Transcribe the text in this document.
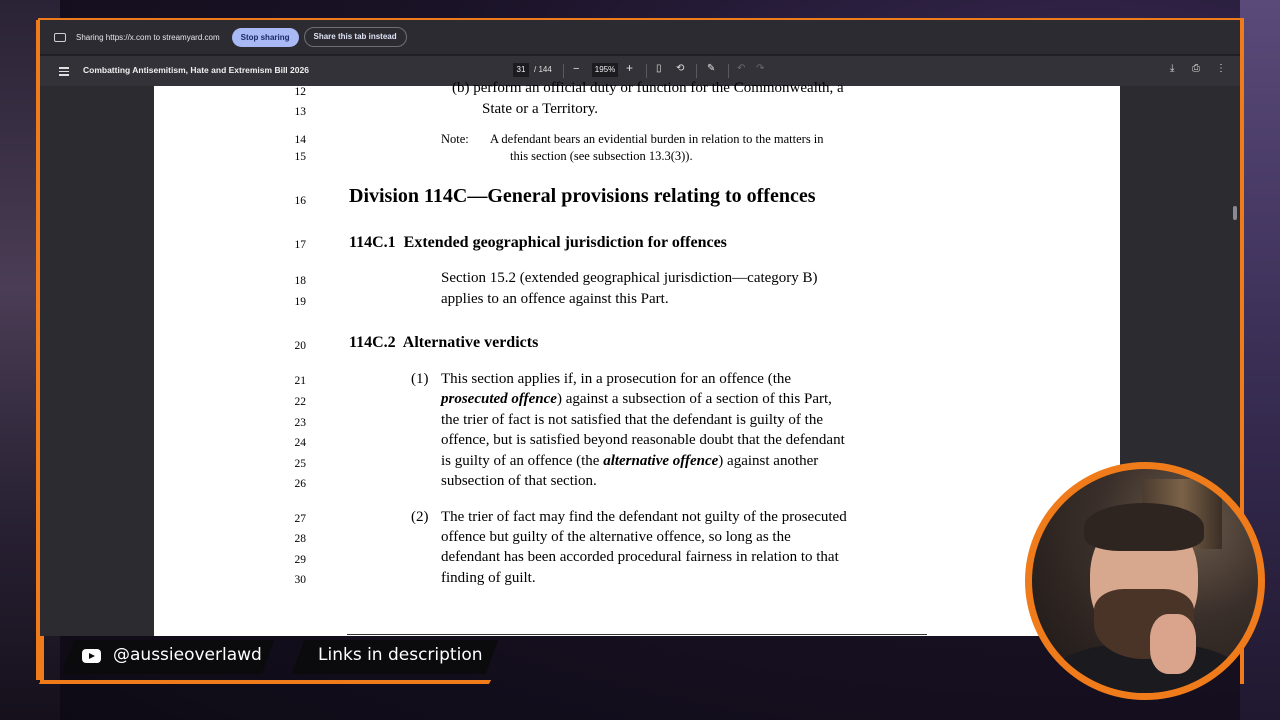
Sharing https://x.com to streamyard.com	Stop sharing	Share this tab instead
Combatting Antisemitism, Hate and Extremism Bill 2026	31	/ 144 −	195% + ▯ ⟲ ✎ ↶ ↷	⤓ ⎙ ⋮
12	(b) perform an official duty or function for the Commonwealth, a
13	State or a Territory.
14	Note:       A defendant bears an evidential burden in relation to the matters in
15	this section (see subsection 13.3(3)).
16 Division 114C—General provisions relating to offences
17	114C.1  Extended geographical jurisdiction for offences
18	Section 15.2 (extended geographical jurisdiction—category B)
19	applies to an offence against this Part.
20	114C.2  Alternative verdicts
(1)
21	This section applies if, in a prosecution for an offence (the
22	prosecuted offence) against a subsection of a section of this Part,
23	the trier of fact is not satisfied that the defendant is guilty of the
24	offence, but is satisfied beyond reasonable doubt that the defendant
25	is guilty of an offence (the alternative offence) against another
26	subsection of that section.
(2)
27	The trier of fact may find the defendant not guilty of the prosecuted
28	offence but guilty of the alternative offence, so long as the
29	defendant has been accorded procedural fairness in relation to that
30	finding of guilt.
@aussieoverlawd	Links in description
